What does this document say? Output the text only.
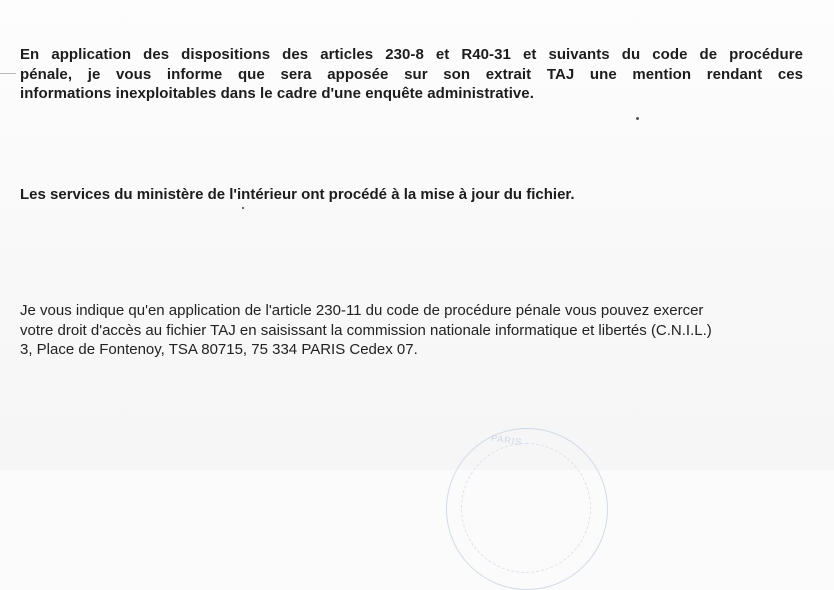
En application des dispositions des articles 230-8 et R40-31 et suivants du code de procédure
pénale, je vous informe que sera apposée sur son extrait TAJ une mention rendant ces
informations inexploitables dans le cadre d'une enquête administrative.

Les services du ministère de l'intérieur ont procédé à la mise à jour du fichier.

Je vous indique qu'en application de l'article 230-11 du code de procédure pénale vous pouvez exercer
votre droit d'accès au fichier TAJ en saisissant la commission nationale informatique et libertés (C.N.I.L.)
3, Place de Fontenoy, TSA 80715, 75 334 PARIS Cedex 07.

PARIS
